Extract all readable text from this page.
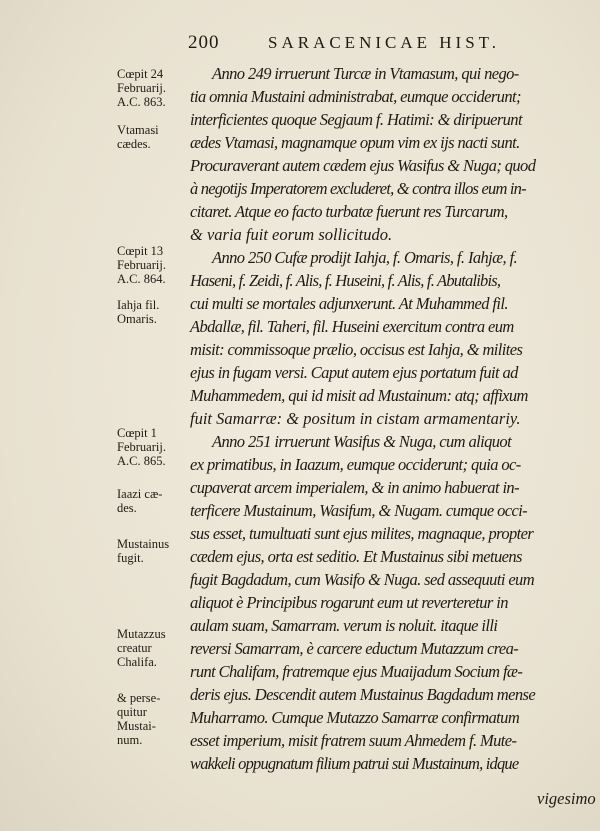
200	SARACENICAE HIST.
Cœpit 24
Februarij.
A.C. 863.
Vtamasi
cædes.
Cœpit 13
Februarij.
A.C. 864.
Iahja fil.
Omaris.
Cœpit 1
Februarij.
A.C. 865.
Iaazi cæ-
des.
Mustainus
fugit.
Mutazzus
creatur
Chalifa.
& perse-
quitur
Mustai-
num.
Anno 249 irruerunt Turcæ in Vtamasum, qui nego-
tia omnia Mustaini administrabat, eumque occiderunt;
interficientes quoque Segjaum f. Hatimi: & diripuerunt
ædes Vtamasi, magnamque opum vim ex ijs nacti sunt.
Procuraverant autem cædem ejus Wasifus & Nuga; quod
à negotijs Imperatorem excluderet, & contra illos eum in-
citaret. Atque eo facto turbatæ fuerunt res Turcarum,
& varia fuit eorum sollicitudo.
Anno 250 Cufæ prodijt Iahja, f. Omaris, f. Iahjæ, f.
Haseni, f. Zeidi, f. Alis, f. Huseini, f. Alis, f. Abutalibis,
cui multi se mortales adjunxerunt. At Muhammed fil.
Abdallæ, fil. Taheri, fil. Huseini exercitum contra eum
misit: commissoque prælio, occisus est Iahja, & milites
ejus in fugam versi. Caput autem ejus portatum fuit ad
Muhammedem, qui id misit ad Mustainum: atq; affixum
fuit Samarræ: & positum in cistam armamentariy.
Anno 251 irruerunt Wasifus & Nuga, cum aliquot
ex primatibus, in Iaazum, eumque occiderunt; quia oc-
cupaverat arcem imperialem, & in animo habuerat in-
terficere Mustainum, Wasifum, & Nugam. cumque occi-
sus esset, tumultuati sunt ejus milites, magnaque, propter
cædem ejus, orta est seditio. Et Mustainus sibi metuens
fugit Bagdadum, cum Wasifo & Nuga. sed assequuti eum
aliquot è Principibus rogarunt eum ut reverteretur in
aulam suam, Samarram. verum is noluit. itaque illi
reversi Samarram, è carcere eductum Mutazzum crea-
runt Chalifam, fratremque ejus Muaijadum Socium fæ-
deris ejus. Descendit autem Mustainus Bagdadum mense
Muharramo. Cumque Mutazzo Samarræ confirmatum
esset imperium, misit fratrem suum Ahmedem f. Mute-
wakkeli oppugnatum filium patrui sui Mustainum, idque
vigesimo
